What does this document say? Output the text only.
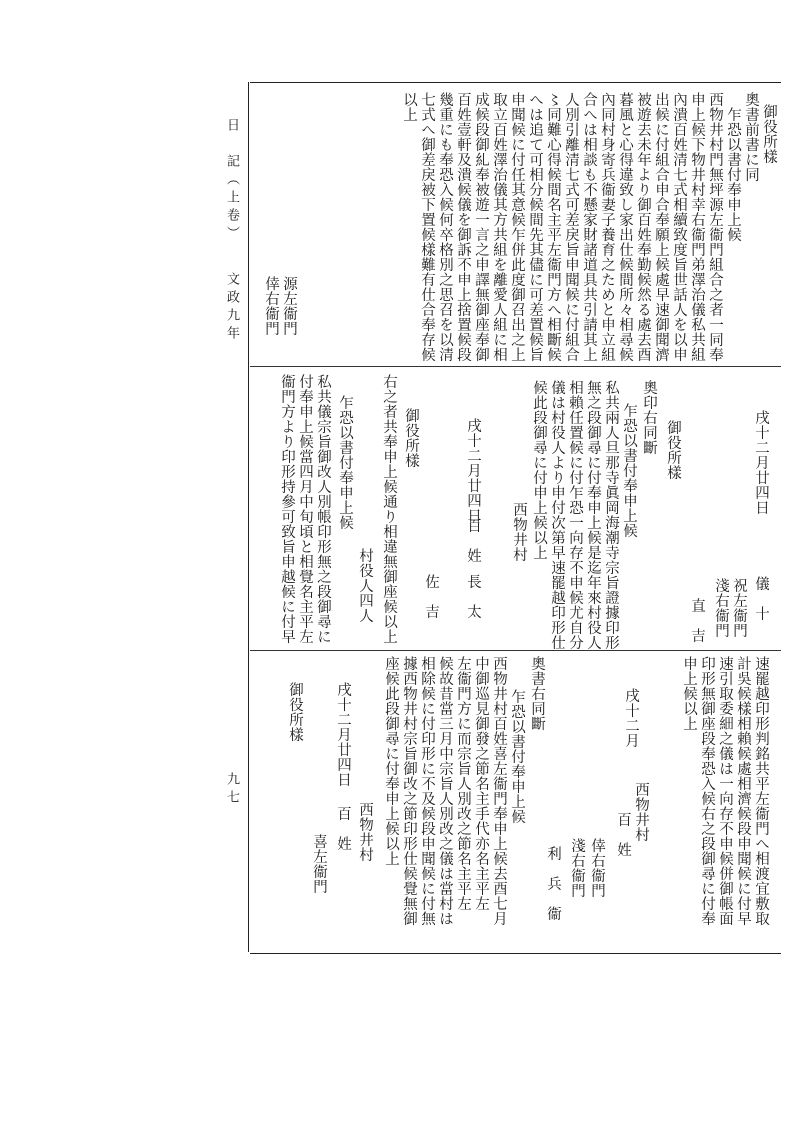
日　記（上卷）
文政九年
九七
御役所樣
奧書前書に同
　乍恐以書付奉申上候
西物井村門無坪源左衞門組合之者一同奉
申上候下物井村幸右衞門弟澤治儀私共組
內潰百姓清七式相續致度旨世話人を以申
出候に付組合申合奉願上候處早速御聞濟
被遊去未年より御百姓奉勤候然る處去酉
暮風と心得違致し家出仕候間所々相尋候
內同村身寄兵衞妻子養育之ためと申立組
合へは相談も不懸家財諸道具共引請其上
人別引離清七式可差戾旨申聞候に付組合
〻同難心得候間名主平左衞門方へ相斷候
へは追て可相分候間先其儘に可差置候旨
申聞候に付任其意候乍併此度御召出之上
取立百姓澤治儀其方共組を離愛人組に相
成候段御糺奉被遊一言之申譯無御座奉御
百姓壹軒及潰候儀を御訴不申上捨置候段
幾重にも奉恐入候何卒格別之思召を以清
七式へ御差戾被下置候樣難有仕合奉存候
以上
源左衞門
倖右衞門
戌十二月廿四日
儀　十
祝左衞門
淺右衞門
直　吉
御役所樣
奧印右同斷
　乍恐以書付奉申上候
私共兩人旦那寺眞岡海潮寺宗旨證據印形
無之段御尋に付奉申上候是迄年來村役人
相賴任置候に付乍恐一向存不申候尤自分
儀は村役人より申付次第早速罷越印形仕
候此段御尋に付申上候以上
西物井村
戌十二月廿四日
百　姓
長　太
佐　吉
御役所樣
右之者共奉申上候通り相違無御座候以上
村役人四人
　乍恐以書付奉申上候
私共儀宗旨御改人別帳印形無之段御尋に
付奉申上候當四月中旬頃と相覺名主平左
衞門方より印形持參可致旨申越候に付早
速罷越印形判銘共平左衞門へ相渡宜敷取
計吳候樣相賴候處相濟候段申聞候に付早
速引取委細之儀は一向存不申候併御帳面
印形無御座段奉恐入候右之段御尋に付奉
申上候以上
戌十二月
西物井村
百　姓
倖右衞門
淺右衞門
利　兵　衞
奧書右同斷
　乍恐以書付奉申上候
西物井村百姓喜左衞門奉申上候去酉七月
中御巡見御發之節名主手代亦名主平左
左衞門方に而宗旨人別改之節名主平左
候故昔當三月中宗旨人別改之儀は當村は
相除候に付印形に不及候段申聞候に付無
據西物井村宗旨御改之節印形仕候覺無御
座候此段御尋に付奉申上候以上
西物井村
戌十二月廿四日
百　姓
喜左衞門
御役所樣
